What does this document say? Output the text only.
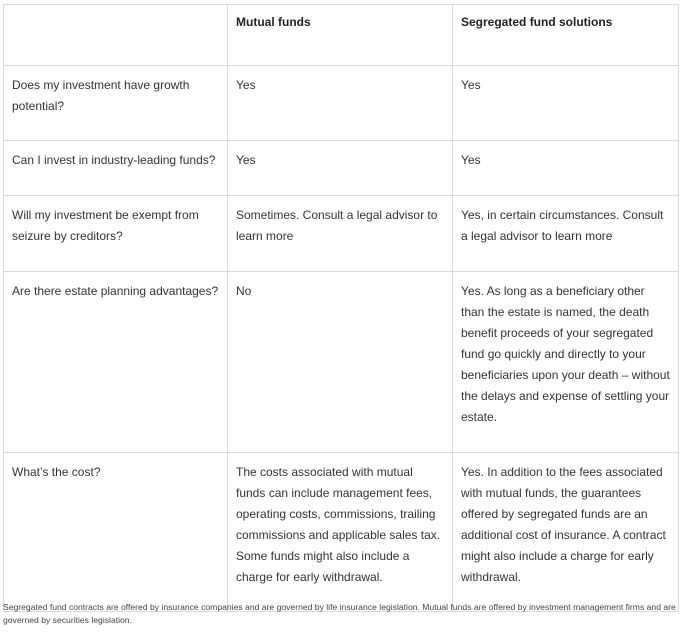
	Mutual funds	Segregated fund solutions
Does my investment have growth potential?	Yes	Yes
Can I invest in industry-leading funds?	Yes	Yes
Will my investment be exempt from seizure by creditors?	Sometimes. Consult a legal advisor to learn more	Yes, in certain circumstances. Consult a legal advisor to learn more
Are there estate planning advantages?	No	Yes. As long as a beneficiary other than the estate is named, the death benefit proceeds of your segregated fund go quickly and directly to your beneficiaries upon your death – without the delays and expense of settling your estate.
What’s the cost?	The costs associated with mutual funds can include management fees, operating costs, commissions, trailing commissions and applicable sales tax. Some funds might also include a charge for early withdrawal.	Yes. In addition to the fees associated with mutual funds, the guarantees offered by segregated funds are an additional cost of insurance. A contract might also include a charge for early withdrawal.
Segregated fund contracts are offered by insurance companies and are governed by life insurance legislation. Mutual funds are offered by investment management firms and are governed by securities legislation.
